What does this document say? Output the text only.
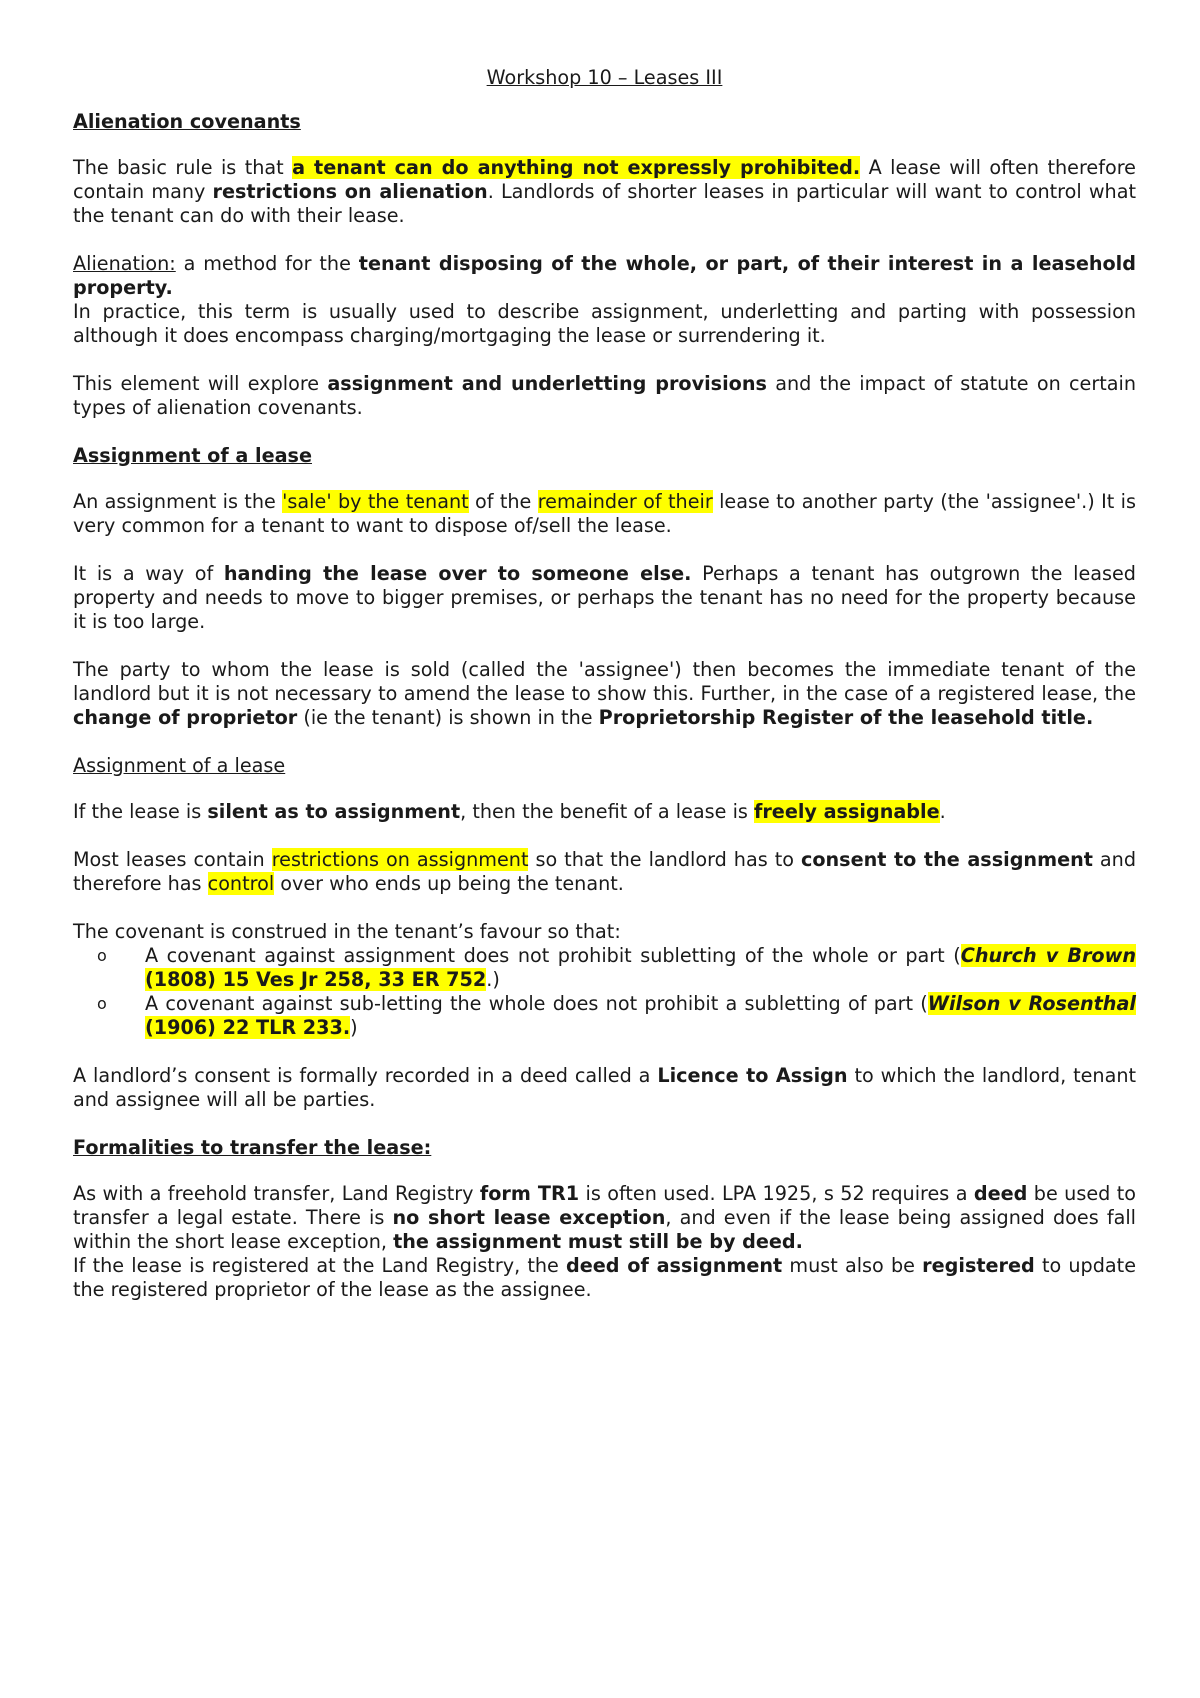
Workshop 10 – Leases III
Alienation covenants

The basic rule is that a tenant can do anything not expressly prohibited. A lease will often therefore contain many restrictions on alienation. Landlords of shorter leases in particular will want to control what the tenant can do with their lease.

Alienation: a method for the tenant disposing of the whole, or part, of their interest in a leasehold property.

In practice, this term is usually used to describe assignment, underletting and parting with possession although it does encompass charging/mortgaging the lease or surrendering it.

This element will explore assignment and underletting provisions and the impact of statute on certain types of alienation covenants.

Assignment of a lease

An assignment is the 'sale' by the tenant of the remainder of their lease to another party (the 'assignee'.) It is very common for a tenant to want to dispose of/sell the lease.

It is a way of handing the lease over to someone else. Perhaps a tenant has outgrown the leased property and needs to move to bigger premises, or perhaps the tenant has no need for the property because it is too large.

The party to whom the lease is sold (called the 'assignee') then becomes the immediate tenant of the landlord but it is not necessary to amend the lease to show this. Further, in the case of a registered lease, the change of proprietor (ie the tenant) is shown in the Proprietorship Register of the leasehold title.

Assignment of a lease

If the lease is silent as to assignment, then the benefit of a lease is freely assignable.

Most leases contain restrictions on assignment so that the landlord has to consent to the assignment and therefore has control over who ends up being the tenant.

The covenant is construed in the tenant’s favour so that:

o A covenant against assignment does not prohibit subletting of the whole or part (Church v Brown (1808) 15 Ves Jr 258, 33 ER 752.)
o A covenant against sub-letting the whole does not prohibit a subletting of part (Wilson v Rosenthal (1906) 22 TLR 233.)

A landlord’s consent is formally recorded in a deed called a Licence to Assign to which the landlord, tenant and assignee will all be parties.

Formalities to transfer the lease:

As with a freehold transfer, Land Registry form TR1 is often used. LPA 1925, s 52 requires a deed be used to transfer a legal estate. There is no short lease exception, and even if the lease being assigned does fall within the short lease exception, the assignment must still be by deed.

If the lease is registered at the Land Registry, the deed of assignment must also be registered to update the registered proprietor of the lease as the assignee.
